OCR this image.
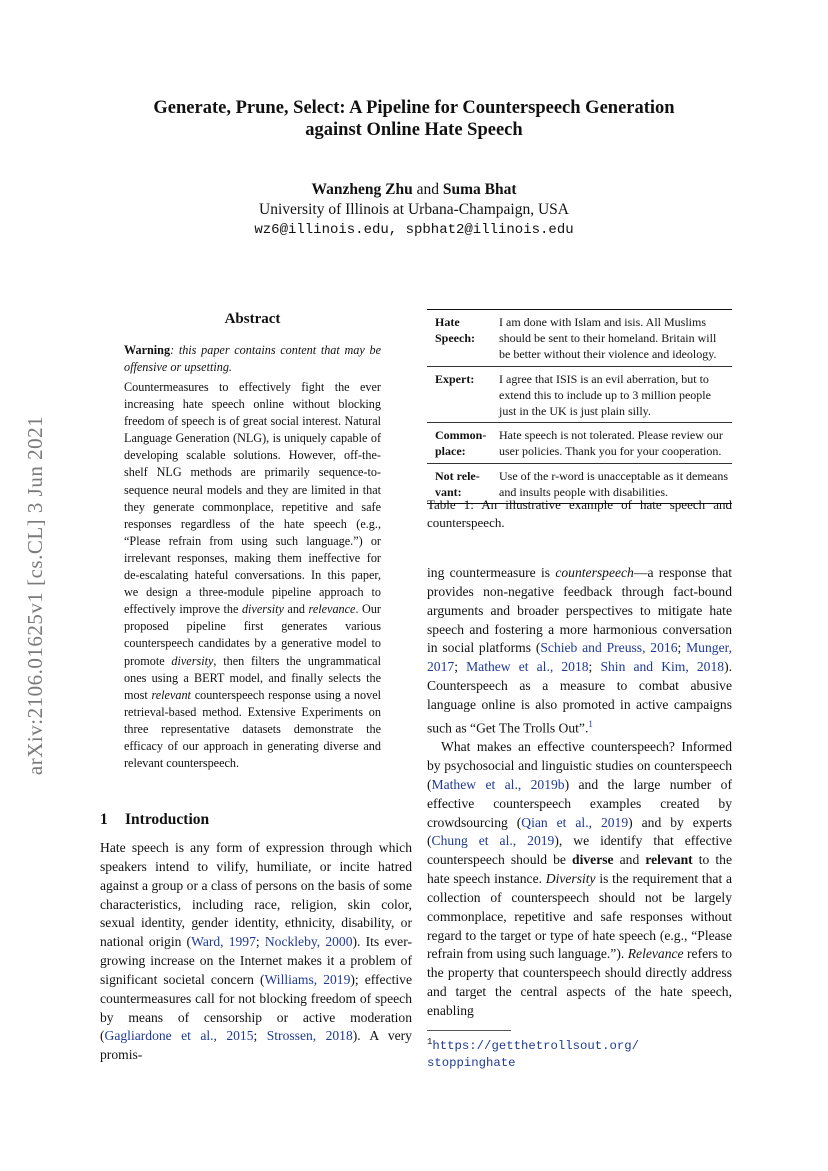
Generate, Prune, Select: A Pipeline for Counterspeech Generation
against Online Hate Speech
Wanzheng Zhu and Suma Bhat
University of Illinois at Urbana-Champaign, USA
wz6@illinois.edu, spbhat2@illinois.edu
arXiv:2106.01625v1 [cs.CL] 3 Jun 2021
Abstract

Warning: this paper contains content that may be offensive or upsetting.

Countermeasures to effectively fight the ever increasing hate speech online without blocking freedom of speech is of great social interest. Natural Language Generation (NLG), is uniquely capable of developing scalable solutions. However, off-the-shelf NLG methods are primarily sequence-to-sequence neural models and they are limited in that they generate commonplace, repetitive and safe responses regardless of the hate speech (e.g., “Please refrain from using such language.”) or irrelevant responses, making them ineffective for de-escalating hateful conversations. In this paper, we design a three-module pipeline approach to effectively improve the diversity and relevance. Our proposed pipeline first generates various counterspeech candidates by a generative model to promote diversity, then filters the ungrammatical ones using a BERT model, and finally selects the most relevant counterspeech response using a novel retrieval-based method. Extensive Experiments on three representative datasets demonstrate the efficacy of our approach in generating diverse and relevant counterspeech.

1 Introduction

Hate speech is any form of expression through which speakers intend to vilify, humiliate, or incite hatred against a group or a class of persons on the basis of some characteristics, including race, religion, skin color, sexual identity, gender identity, ethnicity, disability, or national origin (Ward, 1997; Nockleby, 2000). Its ever-growing increase on the Internet makes it a problem of significant societal concern (Williams, 2019); effective countermeasures call for not blocking freedom of speech by means of censorship or active moderation (Gagliardone et al., 2015; Strossen, 2018). A very promis-

Hate Speech:	I am done with Islam and isis. All Muslims should be sent to their homeland. Britain will be better without their violence and ideology.
Expert:	I agree that ISIS is an evil aberration, but to extend this to include up to 3 million people just in the UK is just plain silly.
Common-place:	Hate speech is not tolerated. Please review our user policies. Thank you for your cooperation.
Not rele-vant:	Use of the r-word is unacceptable as it demeans and insults people with disabilities.
Table 1: An illustrative example of hate speech and counterspeech.

ing countermeasure is counterspeech—a response that provides non-negative feedback through fact-bound arguments and broader perspectives to mitigate hate speech and fostering a more harmonious conversation in social platforms (Schieb and Preuss, 2016; Munger, 2017; Mathew et al., 2018; Shin and Kim, 2018). Counterspeech as a measure to combat abusive language online is also promoted in active campaigns such as “Get The Trolls Out”.$^1$

What makes an effective counterspeech? Informed by psychosocial and linguistic studies on counterspeech (Mathew et al., 2019b) and the large number of effective counterspeech examples created by crowdsourcing (Qian et al., 2019) and by experts (Chung et al., 2019), we identify that effective counterspeech should be diverse and relevant to the hate speech instance. Diversity is the requirement that a collection of counterspeech should not be largely commonplace, repetitive and safe responses without regard to the target or type of hate speech (e.g., “Please refrain from using such language.”). Relevance refers to the property that counterspeech should directly address and target the central aspects of the hate speech, enabling

$^1$https://getthetrollsout.org/
stoppinghate
